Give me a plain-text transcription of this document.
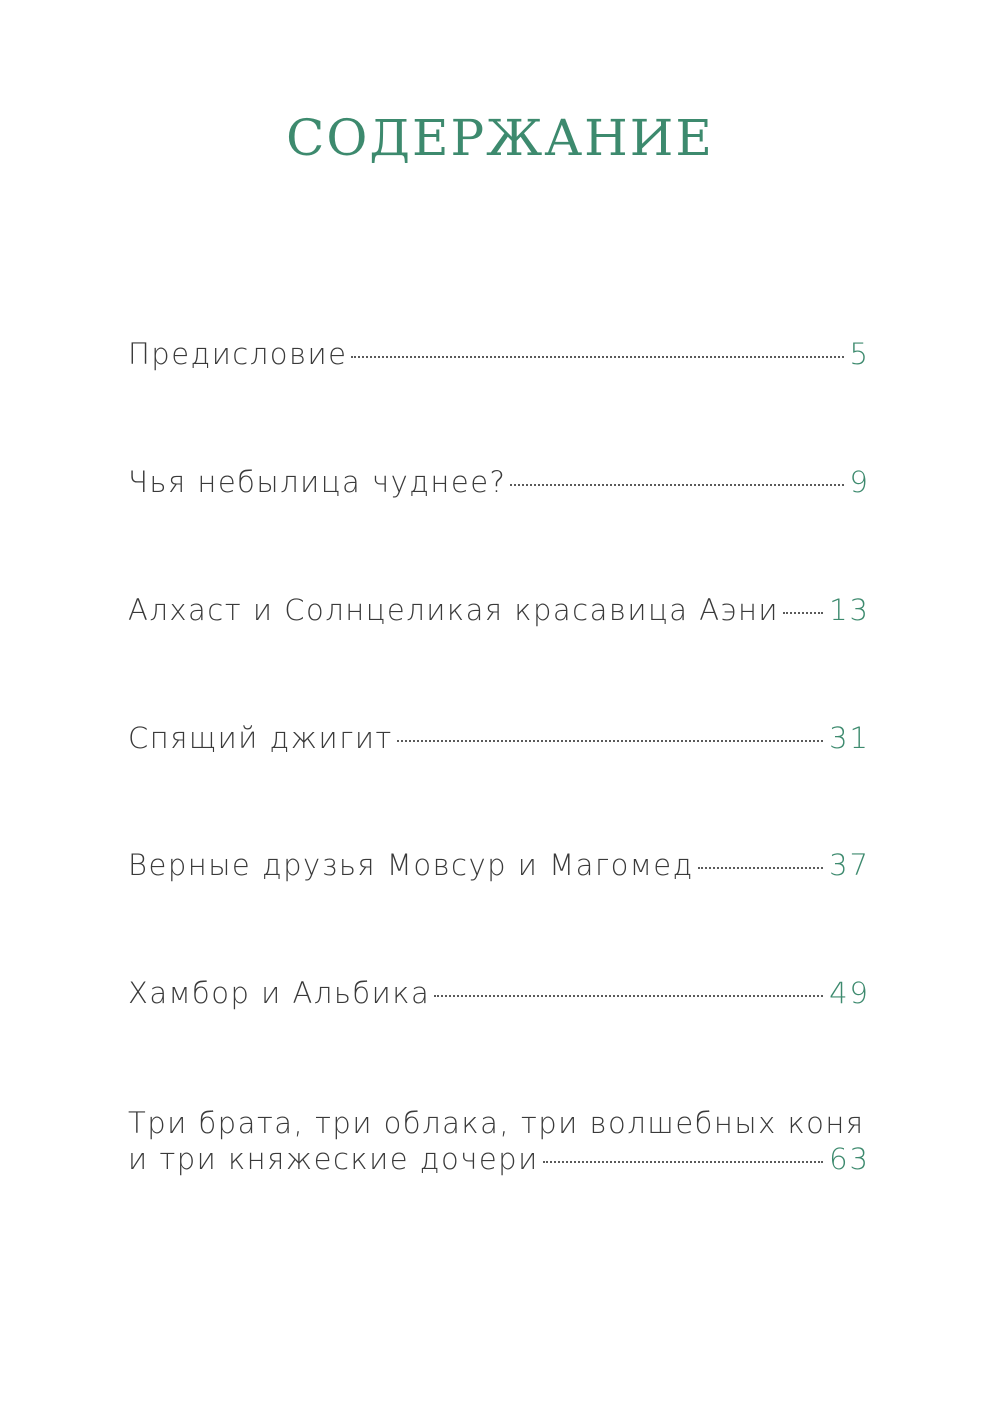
СОДЕРЖАНИЕ
Предисловие	5
Чья небылица чуднее?	9
Алхаст и Солнцеликая красавица Аэни 13
Спящий джигит	31
Верные друзья Мовсур и Магомед	37
Хамбор и Альбика	49
Три брата, три облака, три волшебных коня
и три княжеские дочери	63
